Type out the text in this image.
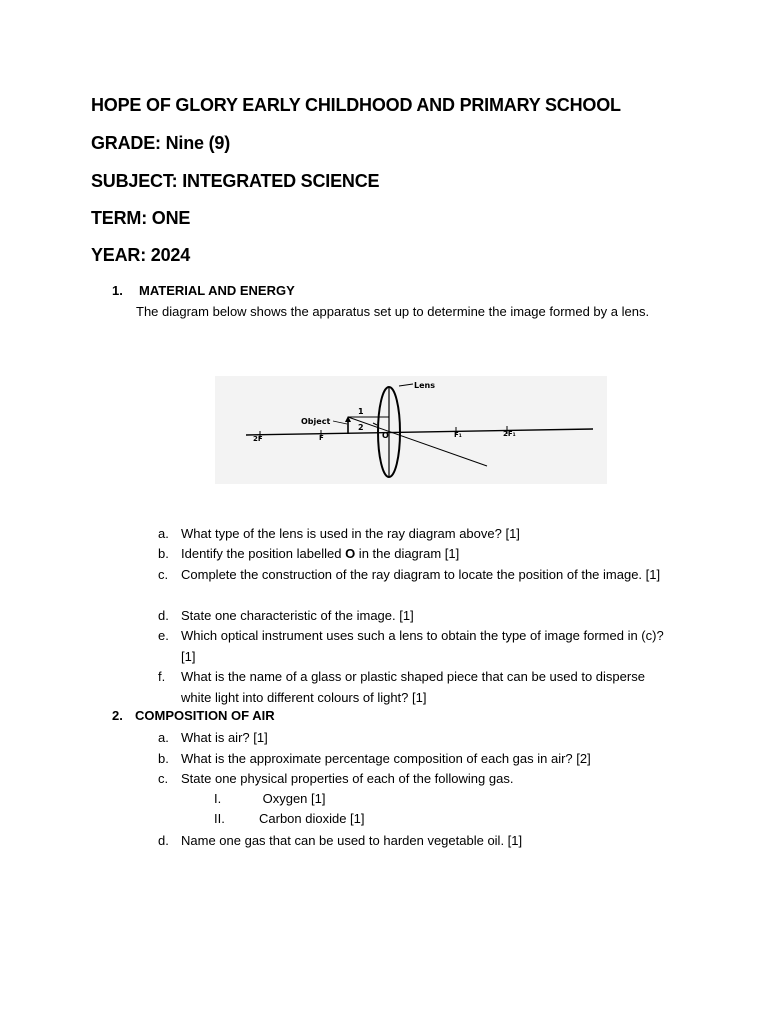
HOPE OF GLORY EARLY CHILDHOOD AND PRIMARY SCHOOL
GRADE: Nine (9)
SUBJECT: INTEGRATED SCIENCE
TERM: ONE
YEAR: 2024
1. MATERIAL AND ENERGY
The diagram below shows the apparatus set up to determine the image formed by a lens.
Lens
Object
1
2
O
2F	F	F₁	2F₁
a. What type of the lens is used in the ray diagram above? [1]
b. Identify the position labelled O in the diagram [1]
c. Complete the construction of the ray diagram to locate the position of the image. [1]
d. State one characteristic of the image. [1]
e. Which optical instrument uses such a lens to obtain the type of image formed in (c)? [1]
f.	What is the name of a glass or plastic shaped piece that can be used to disperse white light into different colours of light? [1]
2. COMPOSITION OF AIR
a. What is air? [1]
b. What is the approximate percentage composition of each gas in air? [2]
c. State one physical properties of each of the following gas.
I.	Oxygen [1]
II.	Carbon dioxide [1]
d. Name one gas that can be used to harden vegetable oil. [1]
